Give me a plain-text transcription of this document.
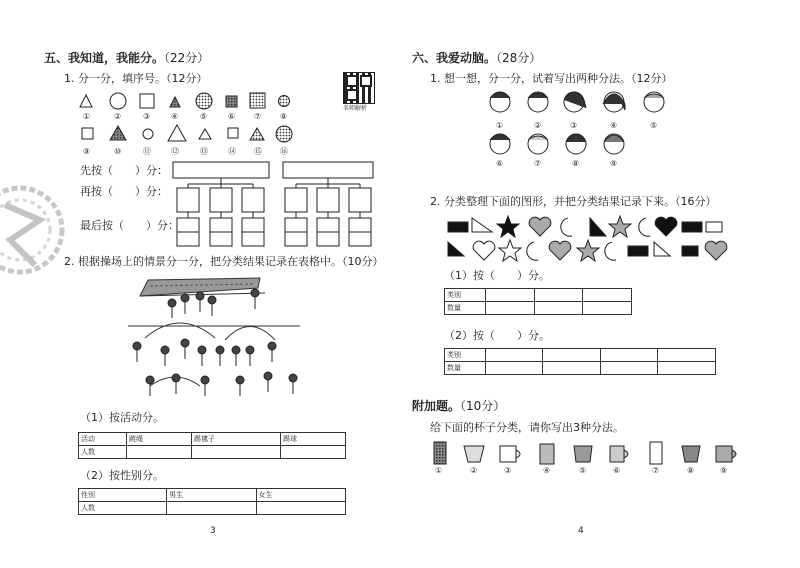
五、我知道，我能分。（22分）
1. 分一分，填序号。（12分）
名师解析
①	②	③	④	⑤	⑥ ⑦ ⑧
⑨	⑩	⑪	⑫	⑬	⑭ ⑮ ⑯
先按（　　）分：
再按（　　）分：
最后按（　　）分：
2. 根据操场上的情景分一分，把分类结果记录在表格中。（10分）
（1）按活动分。
活动	跳绳	踢毽子	踢球
人数			
（2）按性别分。
性别	男生	女生
人数		
3
六、我爱动脑。（28分）
1. 想一想，分一分，试着写出两种分法。（12分）
①	②	③	④	⑤
⑥	⑦	⑧	⑨
2. 分类整理下面的图形，并把分类结果记录下来。（16分）
（1）按（　　）分。
类别			
数量			
（2）按（　　）分。
类别				
数量				
附加题。（10分）
给下面的杯子分类，请你写出3种分法。
①	②	③	④	⑤	⑥	⑦	⑧	⑨
4
